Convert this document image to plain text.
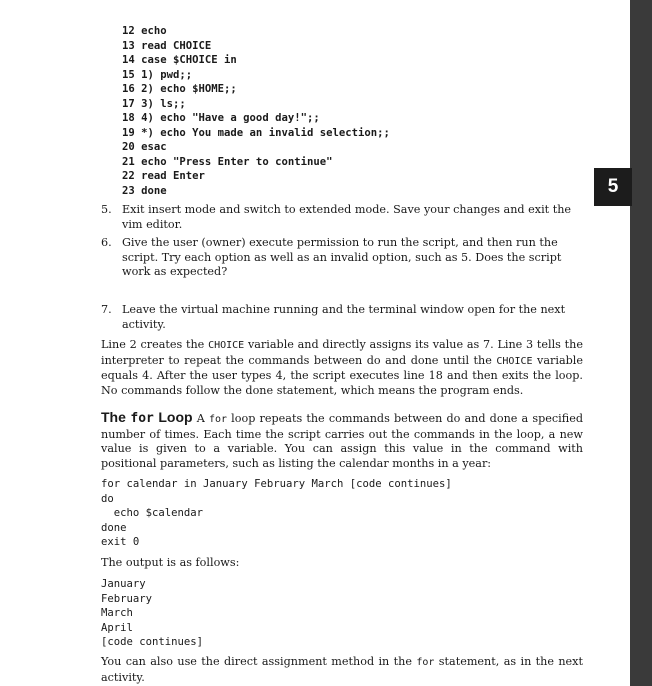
5
12 echo
13 read CHOICE
14 case $CHOICE in
15 1) pwd;;
16 2) echo $HOME;;
17 3) ls;;
18 4) echo "Have a good day!";;
19 *) echo You made an invalid selection;;
20 esac
21 echo "Press Enter to continue"
22 read Enter
23 done
5. Exit insert mode and switch to extended mode. Save your changes and exit the vim editor.
6. Give the user (owner) execute permission to run the script, and then run the script. Try each option as well as an invalid option, such as 5. Does the script work as expected?
7. Leave the virtual machine running and the terminal window open for the next activity.
Line 2 creates the CHOICE variable and directly assigns its value as 7. Line 3 tells the interpreter to repeat the commands between do and done until the CHOICE variable equals 4. After the user types 4, the script executes line 18 and then exits the loop. No commands follow the done statement, which means the program ends.
The for Loop A for loop repeats the commands between do and done a specified number of times. Each time the script carries out the commands in the loop, a new value is given to a variable. You can assign this value in the command with positional parameters, such as listing the calendar months in a year:
for calendar in January February March [code continues]
do
echo $calendar
done
exit 0
The output is as follows:
January
February
March
April
[code continues]
You can also use the direct assignment method in the for statement, as in the next activity.
